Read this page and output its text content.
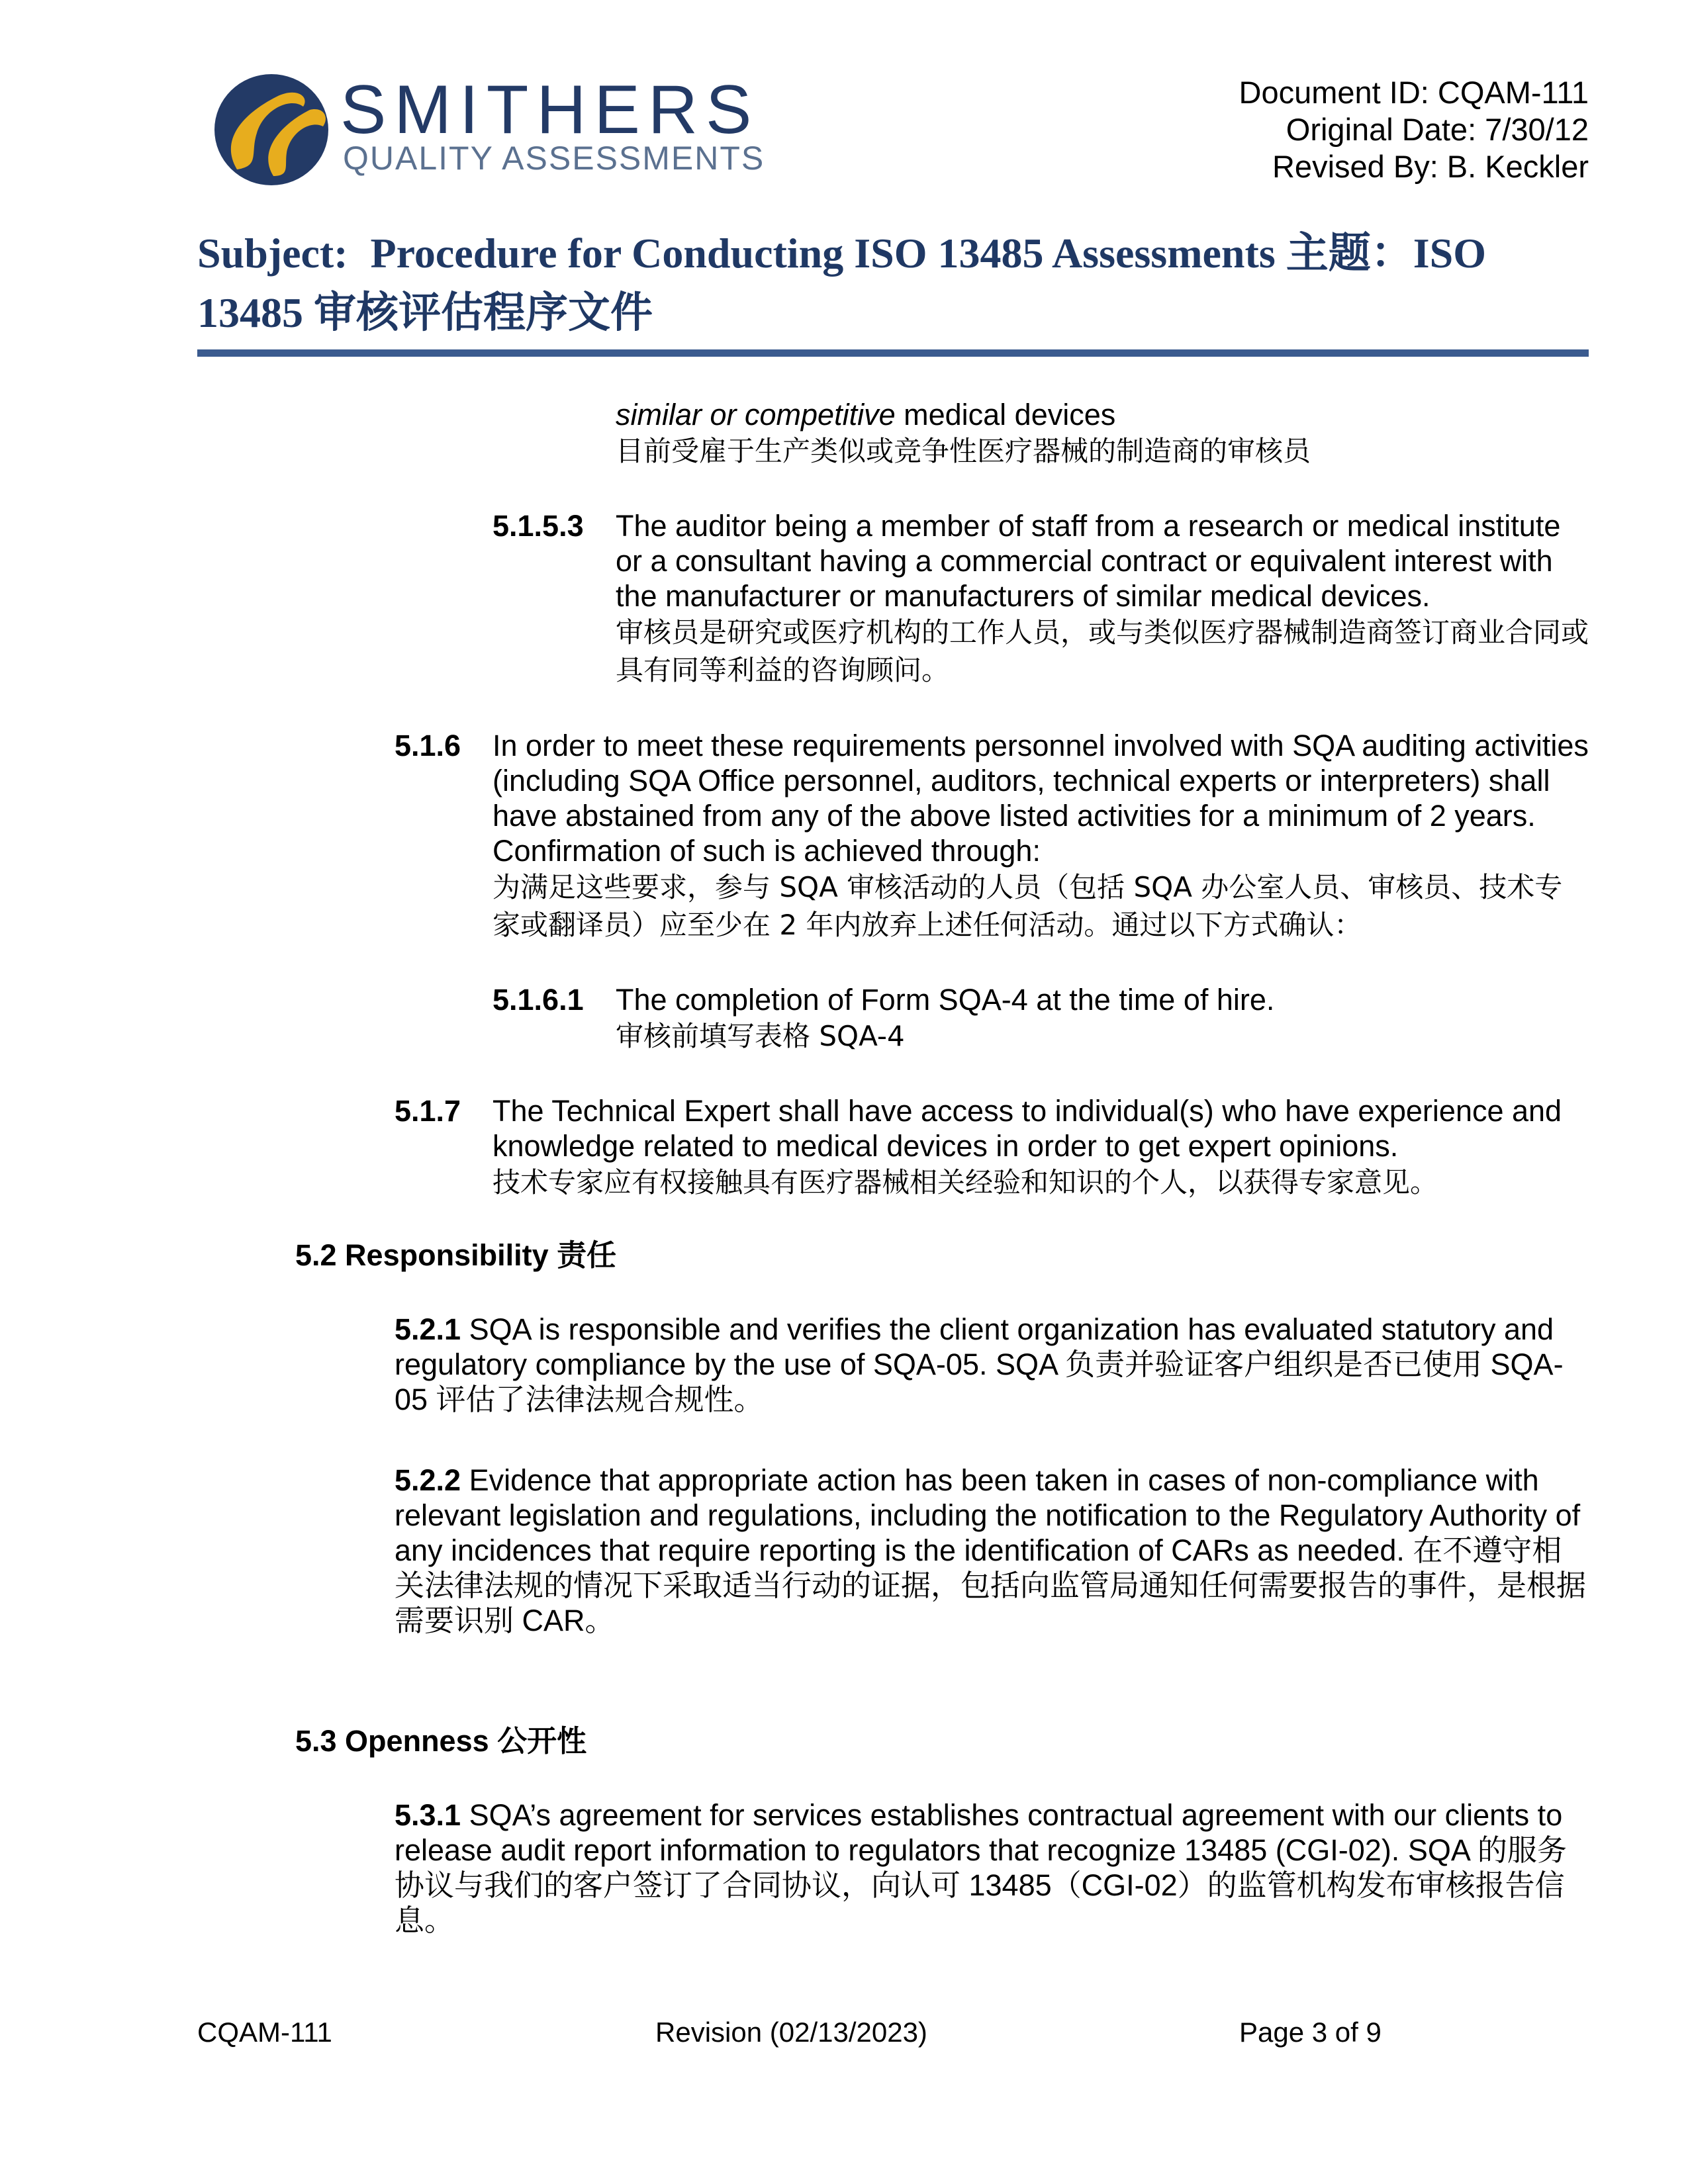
SMITHERS
QUALITY ASSESSMENTS
Document ID: CQAM-111
Original Date: 7/30/12
Revised By: B. Keckler
Subject: Procedure for Conducting ISO 13485 Assessments 主题：ISO 13485 审核评估程序文件
similar or competitive medical devices
目前受雇于生产类似或竞争性医疗器械的制造商的审核员
5.1.5.3 The auditor being a member of staff from a research or medical institute or a consultant having a commercial contract or equivalent interest with the manufacturer or manufacturers of similar medical devices.
审核员是研究或医疗机构的工作人员，或与类似医疗器械制造商签订商业合同或具有同等利益的咨询顾问。
5.1.6 In order to meet these requirements personnel involved with SQA auditing activities (including SQA Office personnel, auditors, technical experts or interpreters) shall have abstained from any of the above listed activities for a minimum of 2 years. Confirmation of such is achieved through:
为满足这些要求，参与 SQA 审核活动的人员（包括 SQA 办公室人员、审核员、技术专家或翻译员）应至少在 2 年内放弃上述任何活动。通过以下方式确认：
5.1.6.1 The completion of Form SQA-4 at the time of hire.
审核前填写表格 SQA-4
5.1.7 The Technical Expert shall have access to individual(s) who have experience and knowledge related to medical devices in order to get expert opinions.
技术专家应有权接触具有医疗器械相关经验和知识的个人，以获得专家意见。
5.2 Responsibility 责任
5.2.1 SQA is responsible and verifies the client organization has evaluated statutory and regulatory compliance by the use of SQA-05. SQA 负责并验证客户组织是否已使用 SQA-05 评估了法律法规合规性。
5.2.2 Evidence that appropriate action has been taken in cases of non-compliance with relevant legislation and regulations, including the notification to the Regulatory Authority of any incidences that require reporting is the identification of CARs as needed. 在不遵守相关法律法规的情况下采取适当行动的证据，包括向监管局通知任何需要报告的事件，是根据需要识别 CAR。
5.3 Openness 公开性
5.3.1 SQA’s agreement for services establishes contractual agreement with our clients to release audit report information to regulators that recognize 13485 (CGI-02). SQA 的服务协议与我们的客户签订了合同协议，向认可 13485（CGI-02）的监管机构发布审核报告信息。
CQAM-111	Revision (02/13/2023)	Page 3 of 9
